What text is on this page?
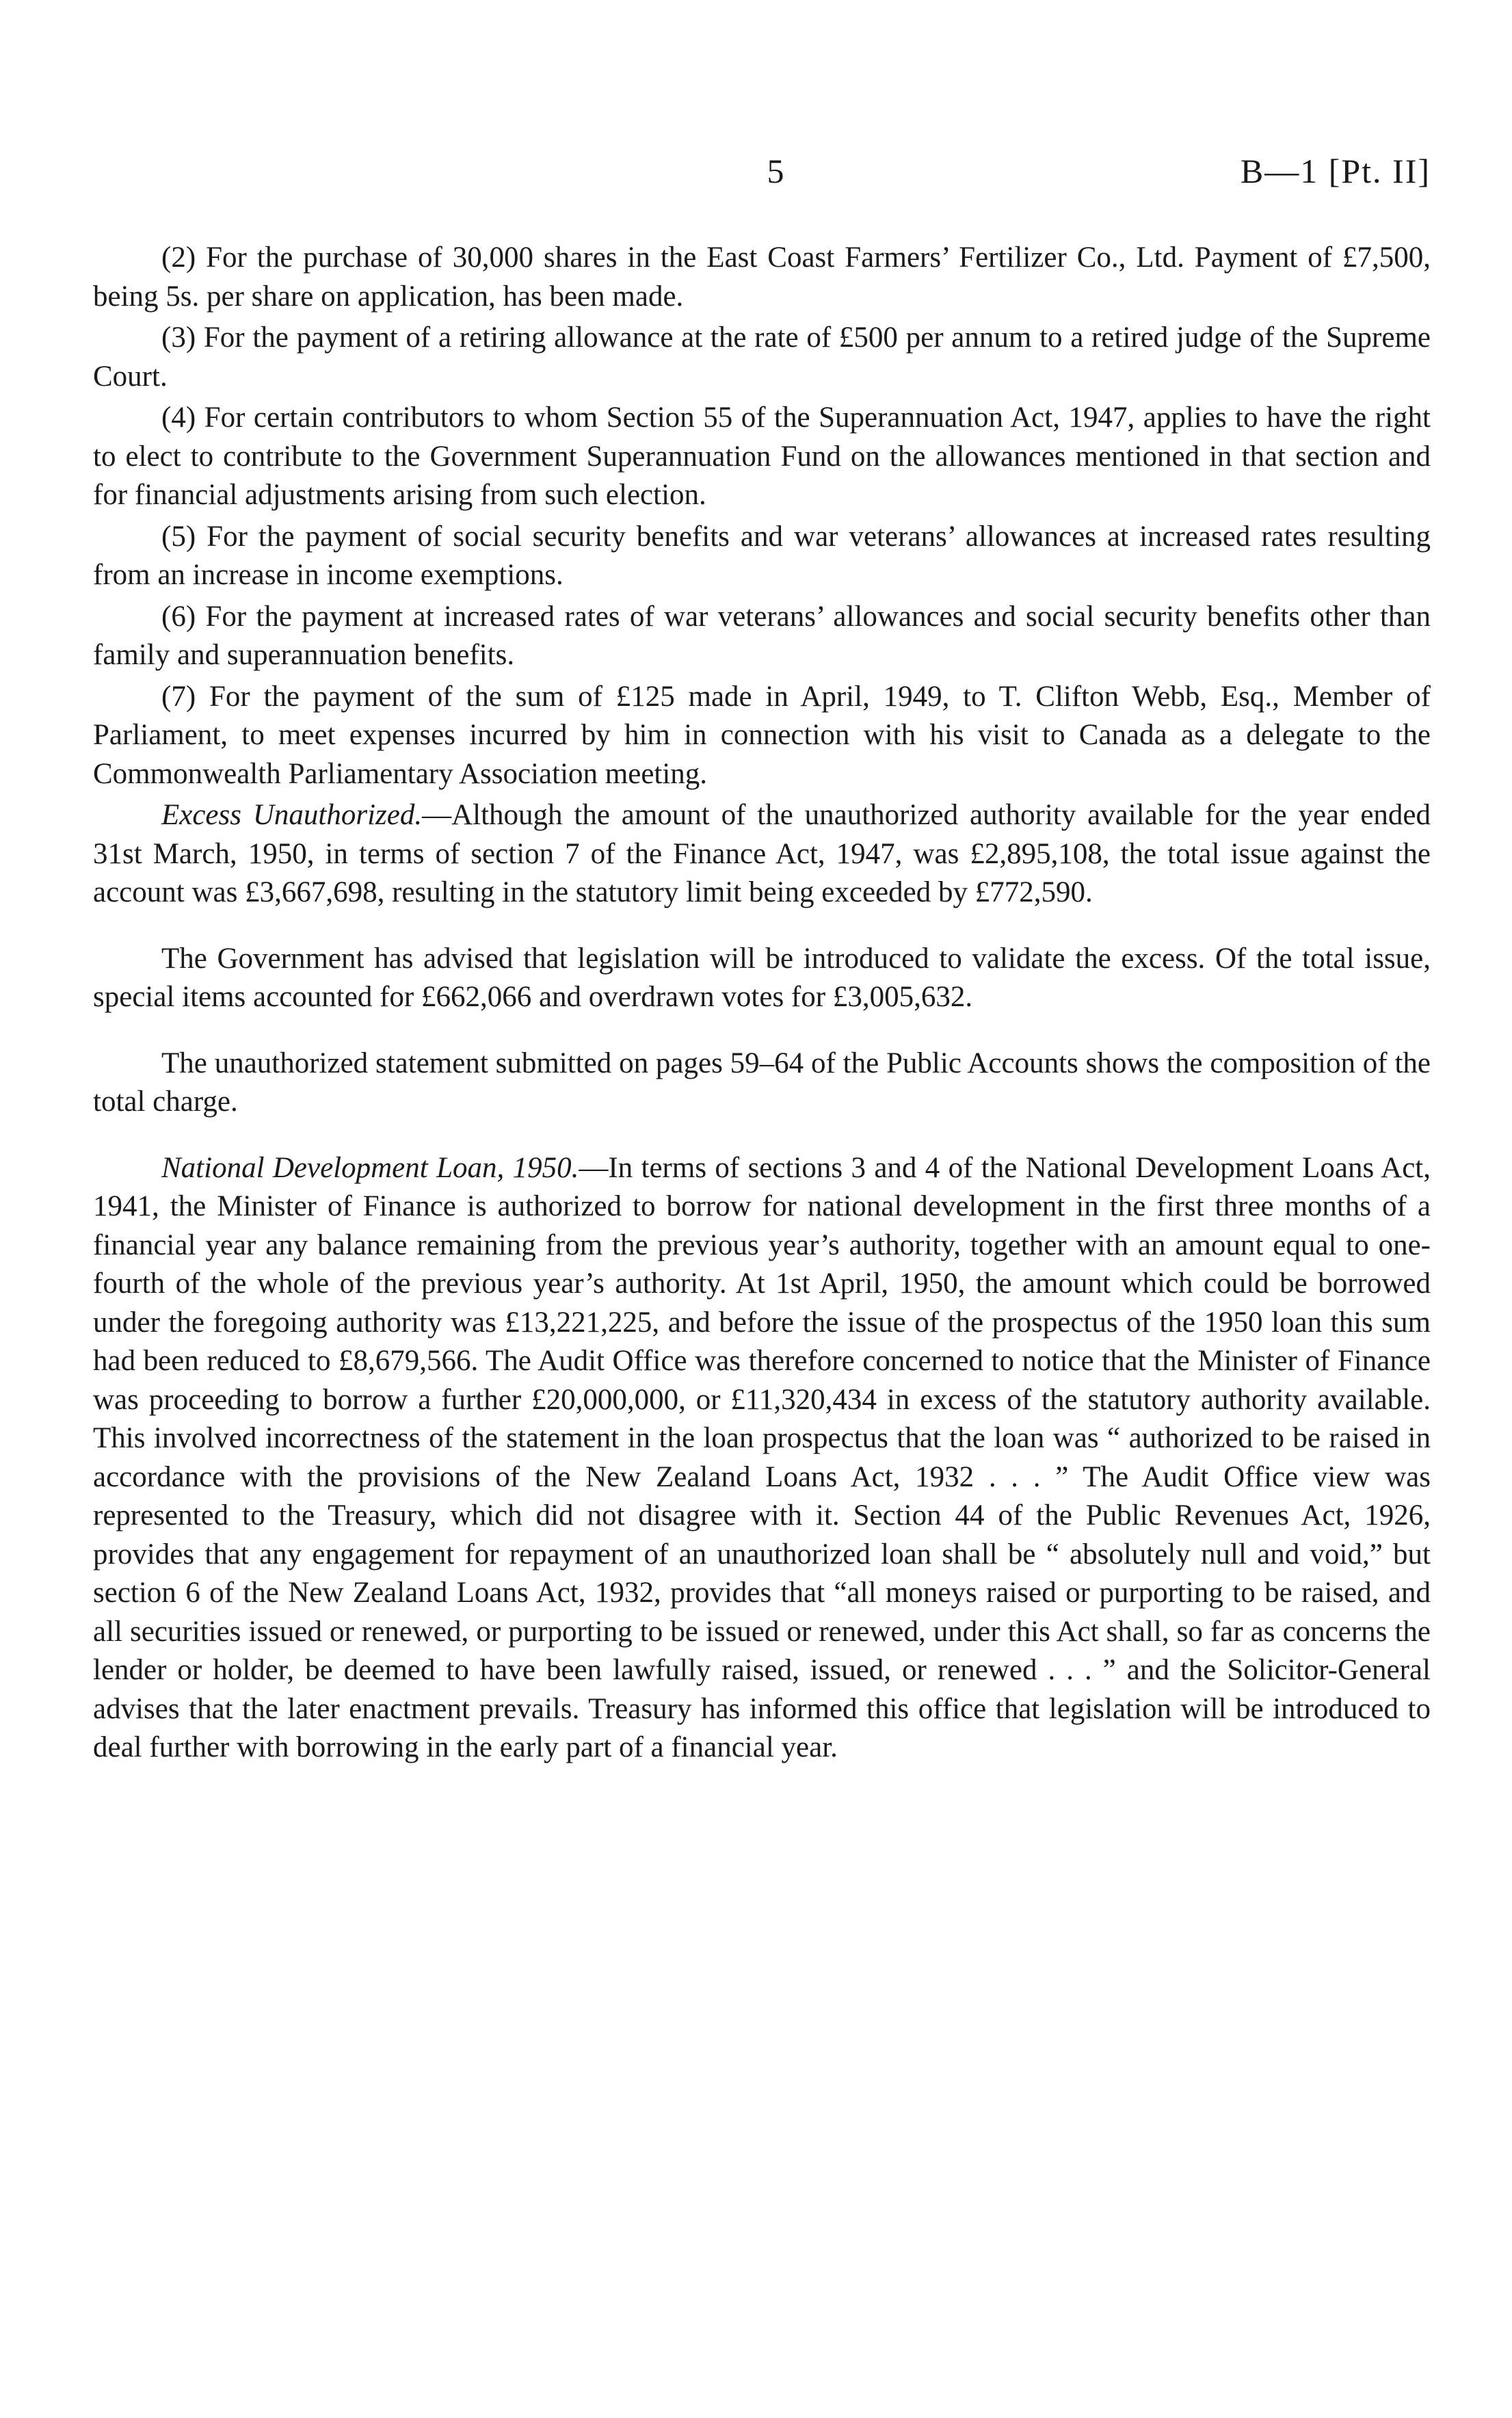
5	B—1 [Pt. II]

(2) For the purchase of 30,000 shares in the East Coast Farmers’ Fertilizer Co., Ltd. Payment of £7,500, being 5s. per share on application, has been made.

(3) For the payment of a retiring allowance at the rate of £500 per annum to a retired judge of the Supreme Court.

(4) For certain contributors to whom Section 55 of the Superannuation Act, 1947, applies to have the right to elect to contribute to the Government Superannuation Fund on the allowances mentioned in that section and for financial adjustments arising from such election.

(5) For the payment of social security benefits and war veterans’ allowances at increased rates resulting from an increase in income exemptions.

(6) For the payment at increased rates of war veterans’ allowances and social security benefits other than family and superannuation benefits.

(7) For the payment of the sum of £125 made in April, 1949, to T. Clifton Webb, Esq., Member of Parliament, to meet expenses incurred by him in connection with his visit to Canada as a delegate to the Commonwealth Parliamentary Association meeting.

Excess Unauthorized.—Although the amount of the unauthorized authority available for the year ended 31st March, 1950, in terms of section 7 of the Finance Act, 1947, was £2,895,108, the total issue against the account was £3,667,698, resulting in the statutory limit being exceeded by £772,590.

The Government has advised that legislation will be introduced to validate the excess. Of the total issue, special items accounted for £662,066 and overdrawn votes for £3,005,632.

The unauthorized statement submitted on pages 59–64 of the Public Accounts shows the composition of the total charge.

National Development Loan, 1950.—In terms of sections 3 and 4 of the National Development Loans Act, 1941, the Minister of Finance is authorized to borrow for national development in the first three months of a financial year any balance remaining from the previous year’s authority, together with an amount equal to one-fourth of the whole of the previous year’s authority. At 1st April, 1950, the amount which could be borrowed under the foregoing authority was £13,221,225, and before the issue of the prospectus of the 1950 loan this sum had been reduced to £8,679,566. The Audit Office was therefore concerned to notice that the Minister of Finance was proceeding to borrow a further £20,000,000, or £11,320,434 in excess of the statutory authority available. This involved incorrectness of the statement in the loan prospectus that the loan was “ authorized to be raised in accordance with the provisions of the New Zealand Loans Act, 1932 . . . ” The Audit Office view was represented to the Treasury, which did not disagree with it. Section 44 of the Public Revenues Act, 1926, provides that any engagement for repayment of an unauthorized loan shall be “ absolutely null and void,” but section 6 of the New Zealand Loans Act, 1932, provides that “all moneys raised or purporting to be raised, and all securities issued or renewed, or purporting to be issued or renewed, under this Act shall, so far as concerns the lender or holder, be deemed to have been lawfully raised, issued, or renewed . . . ” and the Solicitor-General advises that the later enactment prevails. Treasury has informed this office that legislation will be introduced to deal further with borrowing in the early part of a financial year.
